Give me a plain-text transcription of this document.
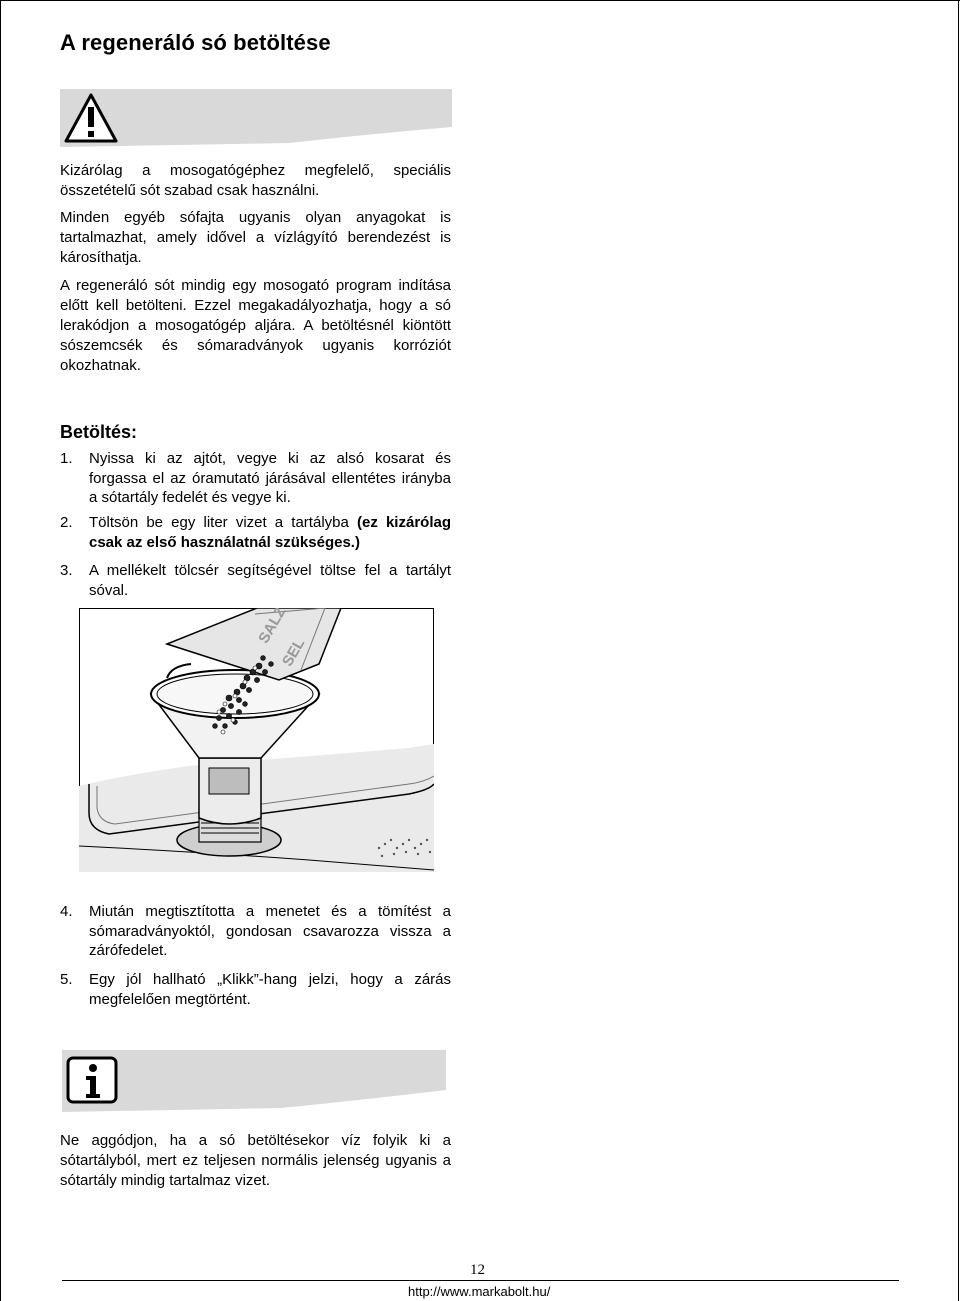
A regeneráló só betöltése

Kizárólag a mosogatógéphez megfelelő, speciális összetételű sót szabad csak használni.

Minden egyéb sófajta ugyanis olyan anyagokat is tartalmazhat, amely idővel a vízlágyító berendezést is károsíthatja.

A regeneráló sót mindig egy mosogató program indítása előtt kell betölteni. Ezzel megakadályozhatja, hogy a só lerakódjon a mosogatógép aljára. A betöltésnél kiöntött sószemcsék és sómaradványok ugyanis korróziót okozhatnak.

Betöltés:
1. Nyissa ki az ajtót, vegye ki az alsó kosarat és forgassa el az óramutató járásával ellentétes irányba a sótartály fedelét és vegye ki.
2. Töltsön be egy liter vizet a tartályba (ez kizárólag csak az első használatnál szükséges.)
3. A mellékelt tölcsér segítségével töltse fel a tartályt sóval.
SALZ
SEL
4. Miután megtisztította a menetet és a tömítést a sómaradványoktól, gondosan csavarozza vissza a zárófedelet.
5. Egy jól hallható „Klikk”-hang jelzi, hogy a zárás megfelelően megtörtént.

Ne aggódjon, ha a só betöltésekor víz folyik ki a sótartályból, mert ez teljesen normális jelenség ugyanis a sótartály mindig tartalmaz vizet.

12
http://www.markabolt.hu/
